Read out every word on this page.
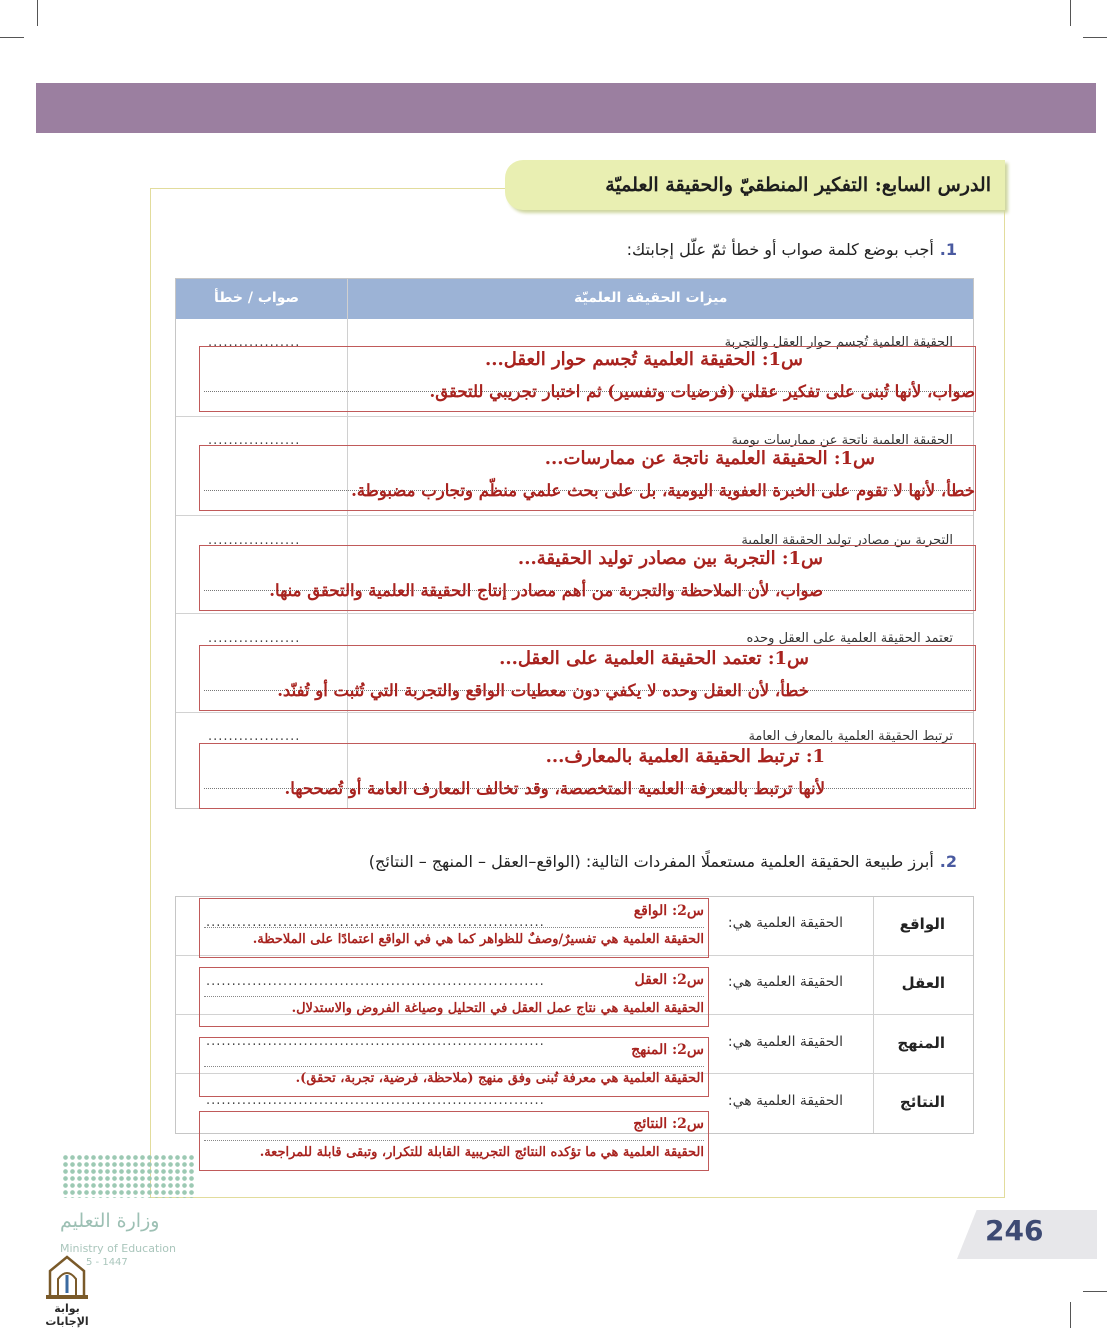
الدرس السابع: التفكير المنطقيّ والحقيقة العلميّة
1.أجب بوضع كلمة صواب أو خطأ ثمّ علّل إجابتك:
ميزات الحقيقة العلميّة
صواب / خطأ
الحقيقة العلمية تُجسم حوار العقل والتجربة
الحقيقة العلمية ناتجة عن ممارسات يومية
التجربة بين مصادر توليد الحقيقة العلمية
تعتمد الحقيقة العلمية على العقل وحده
ترتبط الحقيقة العلمية بالمعارف العامة
..................
..................
..................
..................
..................
س1: الحقيقة العلمية تُجسم حوار العقل...
صواب، لأنها تُبنى على تفكير عقلي (فرضيات وتفسير) ثم اختبار تجريبي للتحقق.
س1: الحقيقة العلمية ناتجة عن ممارسات...
خطأ، لأنها لا تقوم على الخبرة العفوية اليومية، بل على بحث علمي منظّم وتجارب مضبوطة.
س1: التجربة بين مصادر توليد الحقيقة...
صواب، لأن الملاحظة والتجربة من أهم مصادر إنتاج الحقيقة العلمية والتحقق منها.
س1: تعتمد الحقيقة العلمية على العقل...
خطأ، لأن العقل وحده لا يكفي دون معطيات الواقع والتجربة التي تُثبت أو تُفنّد.
1: ترتبط الحقيقة العلمية بالمعارف...
لأنها ترتبط بالمعرفة العلمية المتخصصة، وقد تخالف المعارف العامة أو تُصححها.
2.أبرز طبيعة الحقيقة العلمية مستعملًا المفردات التالية: (الواقع–العقل – المنهج – النتائج)
الواقع
العقل
المنهج
النتائج
الحقيقة العلمية هي:
الحقيقة العلمية هي:
الحقيقة العلمية هي:
الحقيقة العلمية هي:
..................................................................
..................................................................
..................................................................
..................................................................
س2: الواقع
الحقيقة العلمية هي تفسيرٌ/وصفٌ للظواهر كما هي في الواقع اعتمادًا على الملاحظة.
س2: العقل
الحقيقة العلمية هي نتاج عمل العقل في التحليل وصياغة الفروض والاستدلال.
س2: المنهج
الحقيقة العلمية هي معرفة تُبنى وفق منهج (ملاحظة، فرضية، تجربة، تحقق).
س2: النتائج
الحقيقة العلمية هي ما تؤكده النتائج التجريبية القابلة للتكرار، وتبقى قابلة للمراجعة.
وزارة التعليم
Ministry of Education
5 - 1447
بوابة الإجابات
246
